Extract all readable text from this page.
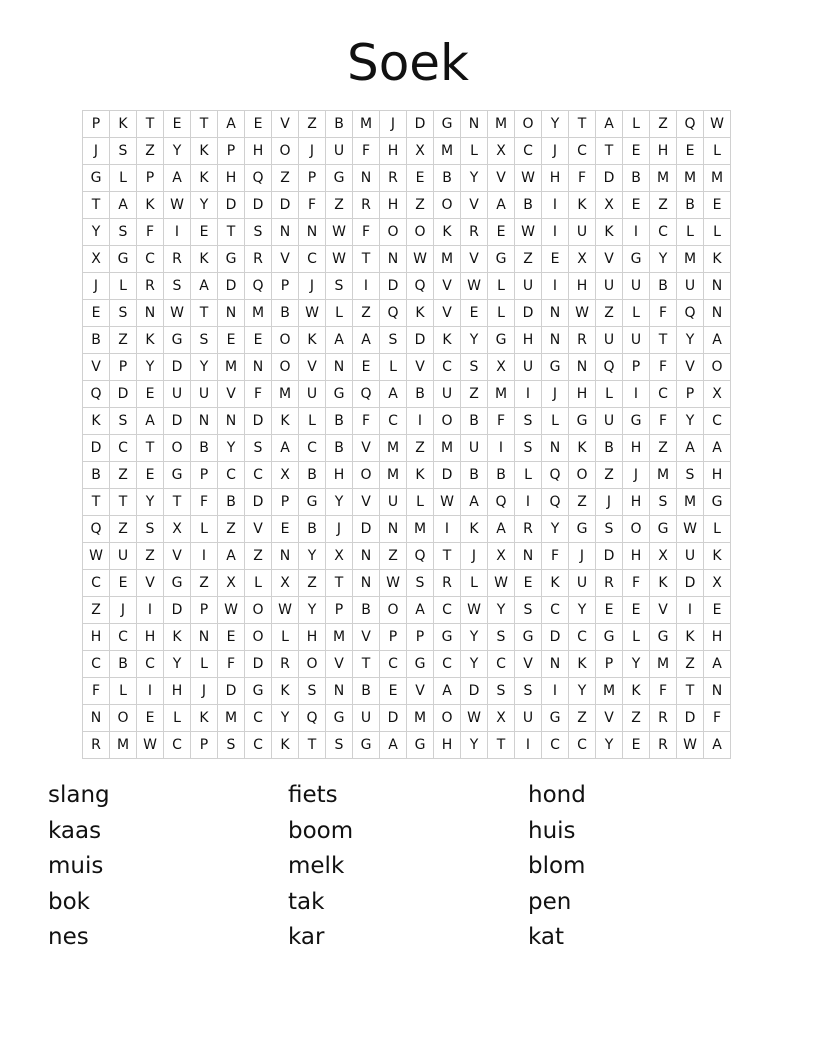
Soek
P	K	T	E	T	A	E	V	Z	B	M	J	D	G	N	M	O	Y	T	A	L	Z	Q	W
J	S	Z	Y	K	P	H	O	J	U	F	H	X	M	L	X	C	J	C	T	E	H	E	L
G	L	P	A	K	H	Q	Z	P	G	N	R	E	B	Y	V	W	H	F	D	B	M	M	M
T	A	K	W	Y	D	D	D	F	Z	R	H	Z	O	V	A	B	I	K	X	E	Z	B	E
Y	S	F	I	E	T	S	N	N	W	F	O	O	K	R	E	W	I	U	K	I	C	L	L
X	G	C	R	K	G	R	V	C	W	T	N	W	M	V	G	Z	E	X	V	G	Y	M	K
J	L	R	S	A	D	Q	P	J	S	I	D	Q	V	W	L	U	I	H	U	U	B	U	N
E	S	N	W	T	N	M	B	W	L	Z	Q	K	V	E	L	D	N	W	Z	L	F	Q	N
B	Z	K	G	S	E	E	O	K	A	A	S	D	K	Y	G	H	N	R	U	U	T	Y	A
V	P	Y	D	Y	M	N	O	V	N	E	L	V	C	S	X	U	G	N	Q	P	F	V	O
Q	D	E	U	U	V	F	M	U	G	Q	A	B	U	Z	M	I	J	H	L	I	C	P	X
K	S	A	D	N	N	D	K	L	B	F	C	I	O	B	F	S	L	G	U	G	F	Y	C
D	C	T	O	B	Y	S	A	C	B	V	M	Z	M	U	I	S	N	K	B	H	Z	A	A
B	Z	E	G	P	C	C	X	B	H	O	M	K	D	B	B	L	Q	O	Z	J	M	S	H
T	T	Y	T	F	B	D	P	G	Y	V	U	L	W	A	Q	I	Q	Z	J	H	S	M	G
Q	Z	S	X	L	Z	V	E	B	J	D	N	M	I	K	A	R	Y	G	S	O	G	W	L
W	U	Z	V	I	A	Z	N	Y	X	N	Z	Q	T	J	X	N	F	J	D	H	X	U	K
C	E	V	G	Z	X	L	X	Z	T	N	W	S	R	L	W	E	K	U	R	F	K	D	X
Z	J	I	D	P	W	O	W	Y	P	B	O	A	C	W	Y	S	C	Y	E	E	V	I	E
H	C	H	K	N	E	O	L	H	M	V	P	P	G	Y	S	G	D	C	G	L	G	K	H
C	B	C	Y	L	F	D	R	O	V	T	C	G	C	Y	C	V	N	K	P	Y	M	Z	A
F	L	I	H	J	D	G	K	S	N	B	E	V	A	D	S	S	I	Y	M	K	F	T	N
N	O	E	L	K	M	C	Y	Q	G	U	D	M	O	W	X	U	G	Z	V	Z	R	D	F
R	M	W	C	P	S	C	K	T	S	G	A	G	H	Y	T	I	C	C	Y	E	R	W	A
slang
kaas
muis
bok
nes
fiets
boom
melk
tak
kar
hond
huis
blom
pen
kat
